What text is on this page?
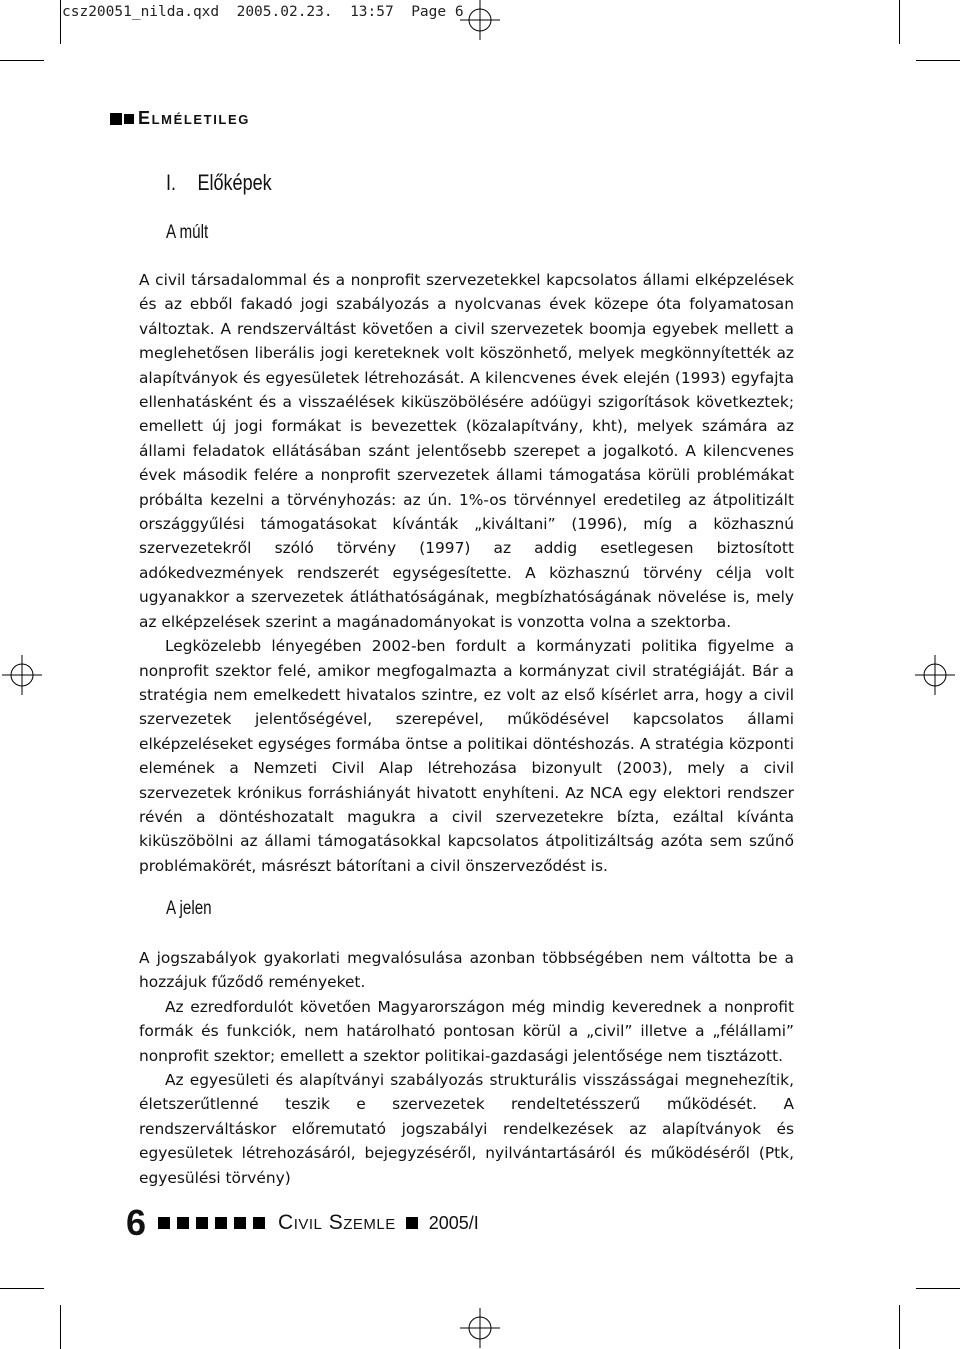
csz20051_nilda.qxd  2005.02.23.  13:57  Page 6
Elméletileg
I. Előképek
A múlt

A civil társadalommal és a nonprofit szervezetekkel kapcsolatos állami elképzelések és az ebből fakadó jogi szabályozás a nyolcvanas évek közepe óta folyamatosan változtak. A rendszerváltást követően a civil szervezetek boomja egyebek mellett a meglehetősen liberális jogi kereteknek volt köszönhető, melyek megkönnyítették az alapítványok és egyesületek létrehozását. A kilencvenes évek elején (1993) egyfajta ellenhatásként és a visszaélések kiküszöbölésére adóügyi szigorítások következtek; emellett új jogi formákat is bevezettek (közalapítvány, kht), melyek számára az állami feladatok ellátásában szánt jelentősebb szerepet a jogalkotó. A kilencvenes évek második felére a nonprofit szervezetek állami támogatása körüli problémákat próbálta kezelni a törvényhozás: az ún. 1%-os törvénnyel eredetileg az átpolitizált országgyűlési támogatásokat kívánták „kiváltani” (1996), míg a közhasznú szervezetekről szóló törvény (1997) az addig esetlegesen biztosított adókedvezmények rendszerét egységesítette. A közhasznú törvény célja volt ugyanakkor a szervezetek átláthatóságának, megbízhatóságának növelése is, mely az elképzelések szerint a magánadományokat is vonzotta volna a szektorba.

Legközelebb lényegében 2002-ben fordult a kormányzati politika figyelme a nonprofit szektor felé, amikor megfogalmazta a kormányzat civil stratégiáját. Bár a stratégia nem emelkedett hivatalos szintre, ez volt az első kísérlet arra, hogy a civil szervezetek jelentőségével, szerepével, működésével kapcsolatos állami elképzeléseket egységes formába öntse a politikai döntéshozás. A stratégia központi elemének a Nemzeti Civil Alap létrehozása bizonyult (2003), mely a civil szervezetek krónikus forráshiányát hivatott enyhíteni. Az NCA egy elektori rendszer révén a döntéshozatalt magukra a civil szervezetekre bízta, ezáltal kívánta kiküszöbölni az állami támogatásokkal kapcsolatos átpolitizáltság azóta sem szűnő problémakörét, másrészt bátorítani a civil önszerveződést is.

A jelen

A jogszabályok gyakorlati megvalósulása azonban többségében nem váltotta be a hozzájuk fűződő reményeket.

Az ezredfordulót követően Magyarországon még mindig keverednek a nonprofit formák és funkciók, nem határolható pontosan körül a „civil” illetve a „félállami” nonprofit szektor; emellett a szektor politikai-gazdasági jelentősége nem tisztázott.

Az egyesületi és alapítványi szabályozás strukturális visszásságai megnehezítik, életszerűtlenné teszik e szervezetek rendeltetésszerű működését. A rendszerváltáskor előremutató jogszabályi rendelkezések az alapítványok és egyesületek létrehozásáról, bejegyzéséről, nyilvántartásáról és működéséről (Ptk, egyesülési törvény)

6	Civil Szemle 2005/I
